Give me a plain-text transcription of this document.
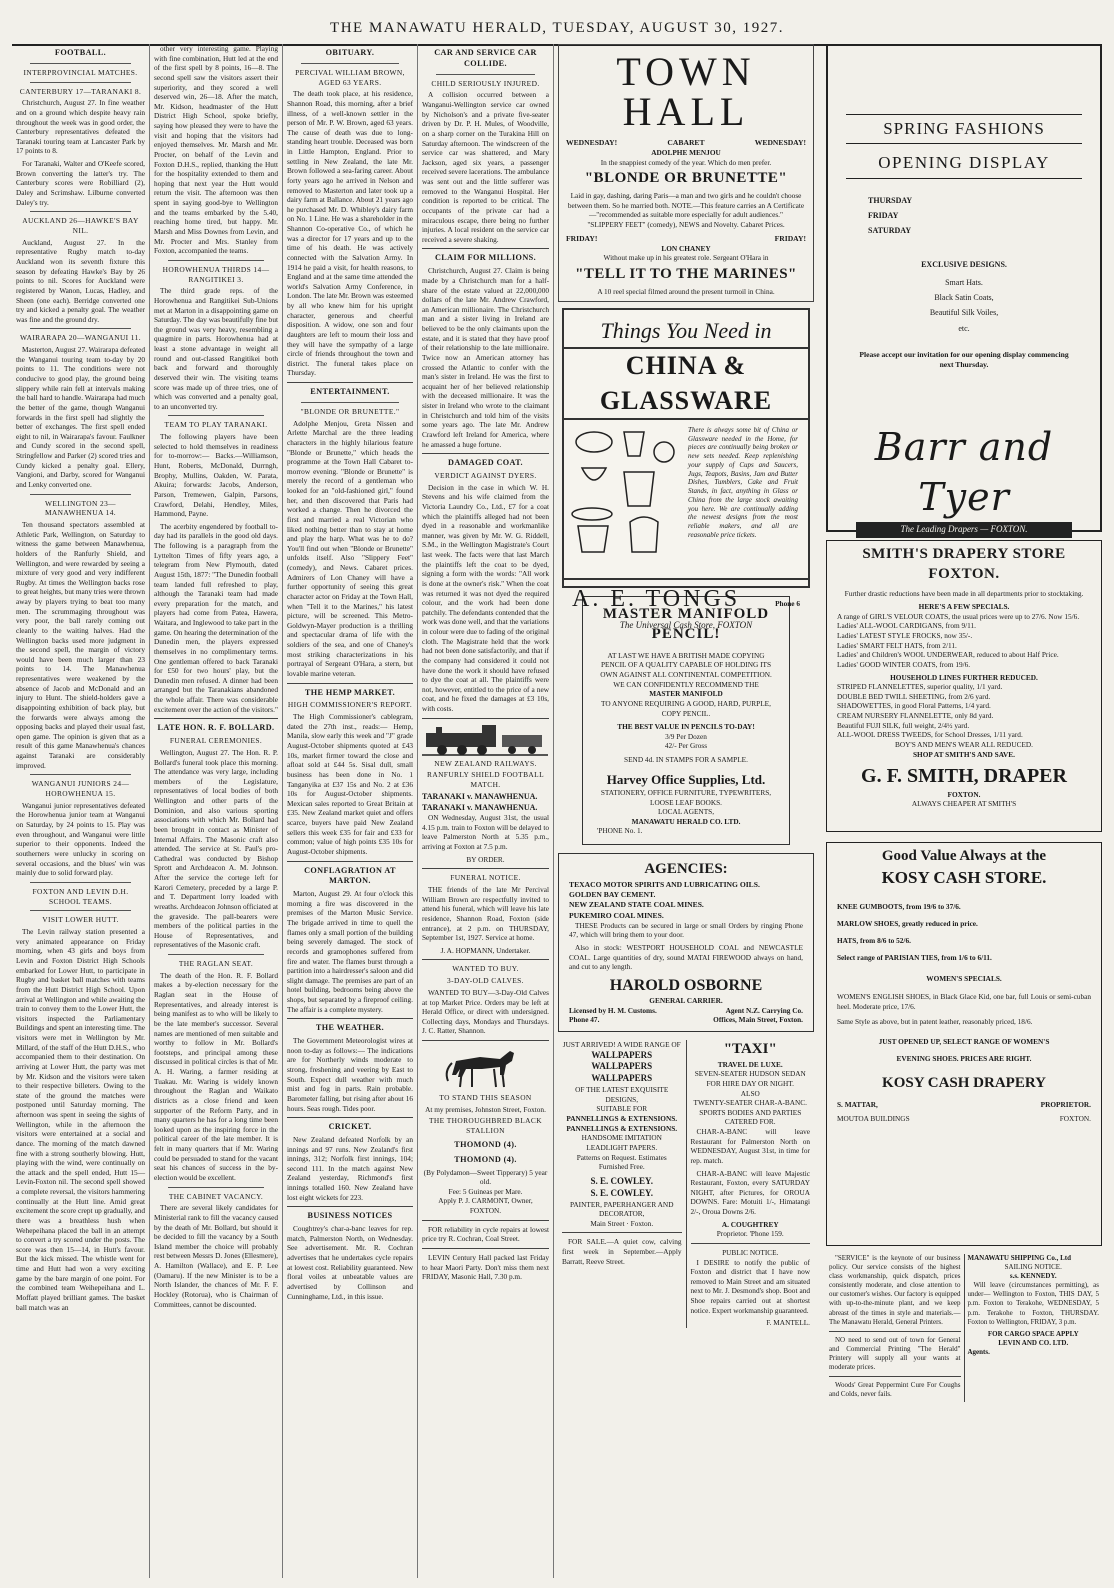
THE MANAWATU HERALD, TUESDAY, AUGUST 30, 1927.
FOOTBALL.
INTERPROVINCIAL MATCHES.
CANTERBURY 17—TARANAKI 8.

Christchurch, August 27. In fine weather and on a ground which despite heavy rain throughout the week was in good order, the Canterbury representatives defeated the Taranaki touring team at Lancaster Park by 17 points to 8.

For Taranaki, Walter and O'Keefe scored, Brown converting the latter's try. The Canterbury scores were Robilliard (2), Daley and Scrimshaw. Lilburne converted Daley's try.

AUCKLAND 26—HAWKE'S BAY NIL.

Auckland, August 27. In the representative Rugby match to-day Auckland won its seventh fixture this season by defeating Hawke's Bay by 26 points to nil. Scores for Auckland were registered by Wanon, Lucas, Hadley, and Sheen (one each). Berridge converted one try and kicked a penalty goal. The weather was fine and the ground dry.

WAIRARAPA 20—WANGANUI 11.

Masterton, August 27. Wairarapa defeated the Wanganui touring team to-day by 20 points to 11. The conditions were not conducive to good play, the ground being slippery while rain fell at intervals making the ball hard to handle. Wairarapa had much the better of the game, though Wanganui forwards in the first spell had slightly the better of exchanges. The first spell ended eight to nil, in Wairarapa's favour. Faulkner and Cundy scored in the second spell, Stringfellow and Parker (2) scored tries and Cundy kicked a penalty goal. Ellery, Vangioni, and Darby, scored for Wanganui and Lenky converted one.

WELLINGTON 23—MANAWHENUA 14.

Ten thousand spectators assembled at Athletic Park, Wellington, on Saturday to witness the game between Manawhenua, holders of the Ranfurly Shield, and Wellington, and were rewarded by seeing a mixture of very good and very indifferent Rugby. At times the Wellington backs rose to great heights, but many tries were thrown away by players trying to beat too many men. The scrummaging throughout was very poor, the ball rarely coming out cleanly to the waiting halves. Had the Wellington backs used more judgment in the second spell, the margin of victory would have been much larger than 23 points to 14. The Manawhenua representatives were weakened by the absence of Jacob and McDonald and an injury to Hunt. The shield-holders gave a disappointing exhibition of back play, but the forwards were always among the opposing backs and played their usual fast, open game. The opinion is given that as a result of this game Manawhenua's chances against Taranaki are considerably improved.

WANGANUI JUNIORS 24—HOROWHENUA 15.

Wanganui junior representatives defeated the Horowhenua junior team at Wanganui on Saturday, by 24 points to 15. Play was even throughout, and Wanganui were little superior to their opponents. Indeed the southerners were unlucky in scoring on several occasions, and the blues' win was mainly due to solid forward play.

FOXTON AND LEVIN D.H. SCHOOL TEAMS.
VISIT LOWER HUTT.

The Levin railway station presented a very animated appearance on Friday morning, when 43 girls and boys from Levin and Foxton District High Schools embarked for Lower Hutt, to participate in Rugby and basket ball matches with teams from the Hutt District High School. Upon arrival at Wellington and while awaiting the train to convey them to the Lower Hutt, the visitors inspected the Parliamentary Buildings and spent an interesting time. The visitors were met in Wellington by Mr. Millard, of the staff of the Hutt D.H.S., who accompanied them to their destination. On arriving at Lower Hutt, the party was met by Mr. Kidson and the visitors were taken to their respective billeters. Owing to the state of the ground the matches were postponed until Saturday morning. The afternoon was spent in seeing the sights of Wellington, while in the afternoon the visitors were entertained at a social and dance. The morning of the match dawned fine with a strong southerly blowing. Hutt, playing with the wind, were continually on the attack and the spell ended, Hutt 15—Levin-Foxton nil. The second spell showed a complete reversal, the visitors hammering continually at the Hutt line. Amid great excitement the score crept up gradually, and there was a breathless hush when Wehepeihana placed the ball in an attempt to convert a try scored under the posts. The score was then 15—14, in Hutt's favour. But the kick missed. The whistle went for time and Hutt had won a very exciting game by the bare margin of one point. For the combined team Weihepeihana and L. Moffatt played brilliant games. The basket ball match was an

other very interesting game. Playing with fine combination, Hutt led at the end of the first spell by 8 points, 16—8. The second spell saw the visitors assert their superiority, and they scored a well deserved win, 26—18. After the match, Mr. Kidson, headmaster of the Hutt District High School, spoke briefly, saying how pleased they were to have the visit and hoping that the visitors had enjoyed themselves. Mr. Marsh and Mr. Procter, on behalf of the Levin and Foxton D.H.S., replied, thanking the Hutt for the hospitality extended to them and hoping that next year the Hutt would return the visit. The afternoon was then spent in saying good-bye to Wellington and the teams embarked by the 5.40, reaching home tired, but happy. Mr. Marsh and Miss Downes from Levin, and Mr. Procter and Mrs. Stanley from Foxton, accompanied the teams.

HOROWHENUA THIRDS 14—RANGITIKEI 3.

The third grade reps. of the Horowhenua and Rangitikei Sub-Unions met at Marton in a disappointing game on Saturday. The day was beautifully fine but the ground was very heavy, resembling a quagmire in parts. Horowhenua had at least a stone advantage in weight all round and out-classed Rangitikei both back and forward and thoroughly deserved their win. The visiting teams score was made up of three tries, one of which was converted and a penalty goal, to an unconverted try.

TEAM TO PLAY TARANAKI.

The following players have been selected to hold themselves in readiness for to-morrow:— Backs.—Williamson, Hunt, Roberts, McDonald, Durrngh, Brophy, Mullins, Oakden, W. Parata, Akuira; forwards: Jacobs, Anderson, Parson, Tremewen, Galpin, Parsons, Crawford, Delahi, Hendley, Miles, Hammond, Payne.

The acerbity engendered by football to-day had its parallels in the good old days. The following is a paragraph from the Lyttelton Times of fifty years ago, a telegram from New Plymouth, dated August 15th, 1877: "The Dunedin football team landed full refreshed to play, although the Taranaki team had made every preparation for the match, and players had come from Patea, Hawera, Waitara, and Inglewood to take part in the game. On hearing the determination of the Dunedin men, the players expressed themselves in no complimentary terms. One gentleman offered to back Taranaki for £50 for two hours' play, but the Dunedin men refused. A dinner had been arranged but the Taranakians abandoned the whole affair. There was considerable excitement over the action of the visitors."

LATE HON. R. F. BOLLARD.
FUNERAL CEREMONIES.

Wellington, August 27. The Hon. R. P. Bollard's funeral took place this morning. The attendance was very large, including members of the Legislature, representatives of local bodies of both Wellington and other parts of the Dominion, and also various sporting associations with which Mr. Bollard had been brought in contact as Minister of Internal Affairs. The Masonic craft also attended. The service at St. Paul's pro-Cathedral was conducted by Bishop Sprott and Archdeacon A. M. Johnson. After the service the cortege left for Karori Cemetery, preceded by a large P. and T. Department lorry loaded with wreaths. Archdeacon Johnson officiated at the graveside. The pall-bearers were members of the political parties in the House of Representatives, and representatives of the Masonic craft.

THE RAGLAN SEAT.

The death of the Hon. R. F. Bollard makes a by-election necessary for the Raglan seat in the House of Representatives, and already interest is being manifest as to who will be likely to be the late member's successor. Several names are mentioned of men suitable and worthy to follow in Mr. Bollard's footsteps, and principal among these discussed in political circles is that of Mr. A. H. Waring, a farmer residing at Tuakau. Mr. Waring is widely known throughout the Raglan and Waikato districts as a close friend and keen supporter of the Reform Party, and in many quarters he has for a long time been looked upon as the inspiring force in the political career of the late member. It is felt in many quarters that if Mr. Waring could be persuaded to stand for the vacant seat his chances of success in the by-election would be excellent.

THE CABINET VACANCY.

There are several likely candidates for Ministerial rank to fill the vacancy caused by the death of Mr. Bollard, but should it be decided to fill the vacancy by a South Island member the choice will probably rest between Messrs D. Jones (Ellesmere), A. Hamilton (Wallace), and E. P. Lee (Oamaru). If the new Minister is to be a North Islander, the chances of Mr. F. F. Hockley (Rotorua), who is Chairman of Committees, cannot be discounted.

OBITUARY.
PERCIVAL WILLIAM BROWN, AGED 63 YEARS.

The death took place, at his residence, Shannon Road, this morning, after a brief illness, of a well-known settler in the person of Mr. P. W. Brown, aged 63 years. The cause of death was due to long-standing heart trouble. Deceased was born in Little Hampton, England. Prior to settling in New Zealand, the late Mr. Brown followed a sea-faring career. About forty years ago he arrived in Nelson and removed to Masterton and later took up a dairy farm at Ballance. About 21 years ago he purchased Mr. D. Whibley's dairy farm on No. 1 Line. He was a shareholder in the Shannon Co-operative Co., of which he was a director for 17 years and up to the time of his death. He was actively connected with the Salvation Army. In 1914 he paid a visit, for health reasons, to England and at the same time attended the world's Salvation Army Conference, in London. The late Mr. Brown was esteemed by all who knew him for his upright character, generous and cheerful disposition. A widow, one son and four daughters are left to mourn their loss and they will have the sympathy of a large circle of friends throughout the town and district. The funeral takes place on Thursday.

ENTERTAINMENT.
"BLONDE OR BRUNETTE."

Adolphe Menjou, Greta Nissen and Arlette Marchal are the three leading characters in the highly hilarious feature "Blonde or Brunette," which heads the programme at the Town Hall Cabaret to-morrow evening. "Blonde or Brunette" is merely the record of a gentleman who looked for an "old-fashioned girl," found her, and then discovered that Paris had worked a change. Then he divorced the first and married a real Victorian who liked nothing better than to stay at home and play the harp. What was he to do? You'll find out when "Blonde or Brunette" unfolds itself. Also "Slippery Feet" (comedy), and News. Cabaret prices. Admirers of Lon Chaney will have a further opportunity of seeing this great character actor on Friday at the Town Hall, when "Tell it to the Marines," his latest picture, will be screened. This Metro-Goldwyn-Mayer production is a thrilling and spectacular drama of life with the soldiers of the sea, and one of Chaney's most striking characterizations in his portrayal of Sergeant O'Hara, a stern, but lovable marine veteran.

THE HEMP MARKET.
HIGH COMMISSIONER'S REPORT.

The High Commissioner's cablegram, dated the 27th inst., reads:— Hemp, Manila, slow early this week and "J" grade August-October shipments quoted at £43 10s, market firmer toward the close and afloat sold at £44 5s. Sisal dull, small business has been done in No. 1 Tanganyika at £37 15s and No. 2 at £36 10s for August-October shipments. Mexican sales reported to Great Britain at £35. New Zealand market quiet and offers scarce, buyers have paid New Zealand sellers this week £35 for fair and £33 for common; value of high points £35 10s for August-October shipments.

CONFLAGRATION AT MARTON.

Marton, August 29. At four o'clock this morning a fire was discovered in the premises of the Marton Music Service. The brigade arrived in time to quell the flames only a small portion of the building being severely damaged. The stock of records and gramophones suffered from fire and water. The flames burst through a partition into a hairdresser's saloon and did slight damage. The premises are part of an hotel building, bedrooms being above the shops, but separated by a fireproof ceiling. The affair is a complete mystery.

THE WEATHER.

The Government Meteorologist wires at noon to-day as follows:— The indications are for Northerly winds moderate to strong, freshening and veering by East to South. Expect dull weather with much mist and fog in parts. Rain probable. Barometer falling, but rising after about 16 hours. Seas rough. Tides poor.

CRICKET.

New Zealand defeated Norfolk by an innings and 97 runs. New Zealand's first innings, 312; Norfolk first innings, 104; second 111. In the match against New Zealand yesterday, Richmond's first innings totalled 160. New Zealand have lost eight wickets for 223.

BUSINESS NOTICES

Coughtrey's char-a-banc leaves for rep. match, Palmerston North, on Wednesday. See advertisement. Mr. R. Cochran advertises that he undertakes cycle repairs at lowest cost. Reliability guaranteed. New floral voiles at unbeatable values are advertised by Collinson and Cunninghame, Ltd., in this issue.

CAR AND SERVICE CAR COLLIDE.
CHILD SERIOUSLY INJURED.

A collision occurred between a Wanganui-Wellington service car owned by Nicholson's and a private five-seater driven by Dr. P. H. Mules, of Woodville, on a sharp corner on the Turakina Hill on Saturday afternoon. The windscreen of the service car was shattered, and Mary Jackson, aged six years, a passenger received severe lacerations. The ambulance was sent out and the little sufferer was removed to the Wanganui Hospital. Her condition is reported to be critical. The occupants of the private car had a miraculous escape, there being no further injuries. A local resident on the service car received a severe shaking.

CLAIM FOR MILLIONS.

Christchurch, August 27. Claim is being made by a Christchurch man for a half-share of the estate valued at 22,000,000 dollars of the late Mr. Andrew Crawford, an American millionaire. The Christchurch man and a sister living in Ireland are believed to be the only claimants upon the estate, and it is stated that they have proof of their relationship to the late millionaire. Twice now an American attorney has crossed the Atlantic to confer with the man's sister in Ireland. He was the first to acquaint her of her believed relationship with the deceased millionaire. It was the sister in Ireland who wrote to the claimant in Christchurch and told him of the visits some years ago. The late Mr. Andrew Crawford left Ireland for America, where he amassed a huge fortune.

DAMAGED COAT.
VERDICT AGAINST DYERS.

Decision in the case in which W. H. Stevens and his wife claimed from the Victoria Laundry Co., Ltd., £7 for a coat which the plaintiffs alleged had not been dyed in a reasonable and workmanlike manner, was given by Mr. W. G. Riddell, S.M., in the Wellington Magistrate's Court last week. The facts were that last March the plaintiffs left the coat to be dyed, signing a form with the words: "All work is done at the owner's risk." When the coat was returned it was not dyed the required colour, and the work had been done patchily. The defendants contended that the work was done well, and that the variations in colour were due to fading of the original cloth. The Magistrate held that the work had not been done satisfactorily, and that if the company had considered it could not have done the work it should have refused to dye the coat at all. The plaintiffs were not, however, entitled to the price of a new coat, and he fixed the damages at £3 10s, with costs.

NEW ZEALAND RAILWAYS.
RANFURLY SHIELD FOOTBALL MATCH.
TARANAKI v. MANAWHENUA.
TARANAKI v. MANAWHENUA.

ON Wednesday, August 31st, the usual 4.15 p.m. train to Foxton will be delayed to leave Palmerston North at 5.35 p.m., arriving at Foxton at 7.5 p.m.

BY ORDER.
FUNERAL NOTICE.

THE friends of the late Mr Percival William Brown are respectfully invited to attend his funeral, which will leave his late residence, Shannon Road, Foxton (side entrance), at 2 p.m. on THURSDAY, September 1st, 1927. Service at home.

J. A. HOPMANN, Undertaker.
WANTED TO BUY.
3-DAY-OLD CALVES.

WANTED TO BUY—3-Day-Old Calves at top Market Price. Orders may be left at Herald Office, or direct with undersigned. Collecting days, Mondays and Thursdays. J. C. Ratter, Shannon.

TO STAND THIS SEASON
At my premises, Johnston Street, Foxton.
THE THOROUGHBRED BLACK STALLION
THOMOND (4).
THOMOND (4).
(By Polydamon—Sweet Tipperary) 5 year old.
Fee: 5 Guineas per Mare.
Apply P. J. CARMONT, Owner, FOXTON.

FOR reliability in cycle repairs at lowest price try R. Cochran, Coal Street.

LEVIN Century Hall packed last Friday to hear Maori Party. Don't miss them next FRIDAY, Masonic Hall, 7.30 p.m.

TOWN HALL
WEDNESDAY!	CABARET	WEDNESDAY!
ADOLPHE MENJOU
In the snappiest comedy of the year. Which do men prefer.
"BLONDE OR BRUNETTE"
Laid in gay, dashing, daring Paris—a man and two girls and he couldn't choose between them. So he married both. NOTE.—This feature carries an A Certificate—"recommended as suitable more especially for adult audiences."
"SLIPPERY FEET" (comedy), NEWS and Novelty. Cabaret Prices.
FRIDAY!	FRIDAY!
LON CHANEY
Without make up in his greatest role. Sergeant O'Hara in
"TELL IT TO THE MARINES"
A 10 reel special filmed around the present turmoil in China.
Things You Need in
CHINA & GLASSWARE
There is always some bit of China or Glassware needed in the Home, for pieces are continually being broken or new sets needed. Keep replenishing your supply of Cups and Saucers, Jugs, Teapots, Basins, Jam and Butter Dishes, Tumblers, Cake and Fruit Stands, in fact, anything in Glass or China from the large stock awaiting you here. We are continually adding the newest designs from the most reliable makers, and all are reasonable price tickets.
A. E. TONGS	Phone 6
The Universal Cash Store, FOXTON
MASTER MANIFOLD
PENCIL!
AT LAST WE HAVE A BRITISH MADE COPYING PENCIL OF A QUALITY CAPABLE OF HOLDING ITS OWN AGAINST ALL CONTINENTAL COMPETITION. WE CAN CONFIDENTLY RECOMMEND THE
MASTER MANIFOLD
TO ANYONE REQUIRING A GOOD, HARD, PURPLE, COPY PENCIL.
THE BEST VALUE IN PENCILS TO-DAY!
3/9 Per Dozen
42/- Per Gross
SEND 4d. IN STAMPS FOR A SAMPLE.
Harvey Office Supplies, Ltd.
STATIONERY, OFFICE FURNITURE, TYPEWRITERS, LOOSE LEAF BOOKS.
LOCAL AGENTS,
MANAWATU HERALD CO. LTD.
'PHONE No. 1.
AGENCIES:
TEXACO MOTOR SPIRITS AND LUBRICATING OILS.
GOLDEN BAY CEMENT.
NEW ZEALAND STATE COAL MINES.
PUKEMIRO COAL MINES.

THESE Products can be secured in large or small Orders by ringing Phone 47, which will bring them to your door.

Also in stock: WESTPORT HOUSEHOLD COAL and NEWCASTLE COAL. Large quantities of dry, sound MATAI FIREWOOD always on hand, and cut to any length.

HAROLD OSBORNE
GENERAL CARRIER.
Licensed by H. M. Customs.	Agent N.Z. Carrying Co.
Phone 47.	Offices, Main Street, Foxton.
JUST ARRIVED! A WIDE RANGE OF
WALLPAPERS
WALLPAPERS
WALLPAPERS
OF THE LATEST EXQUISITE DESIGNS,
SUITABLE FOR
PANNELLINGS & EXTENSIONS.
PANNELLINGS & EXTENSIONS.
HANDSOME IMITATION LEADLIGHT PAPERS.
Patterns on Request. Estimates Furnished Free.
S. E. COWLEY.
S. E. COWLEY.
PAINTER, PAPERHANGER AND DECORATOR,
Main Street · Foxton.

FOR SALE.—A quiet cow, calving first week in September.—Apply Barratt, Reeve Street.

"TAXI"
TRAVEL DE LUXE.
SEVEN-SEATER HUDSON SEDAN FOR HIRE DAY OR NIGHT.
ALSO
TWENTY-SEATER CHAR-A-BANC.
SPORTS BODIES AND PARTIES CATERED FOR.

CHAR-A-BANC will leave Restaurant for Palmerston North on WEDNESDAY, August 31st, in time for rep. match.

CHAR-A-BANC will leave Majestic Restaurant, Foxton, every SATURDAY NIGHT, after Pictures, for OROUA DOWNS. Fare: Motuiti 1/-, Himatangi 2/-, Oroua Downs 2/6.

A. COUGHTREY
Proprietor. 'Phone 159.
PUBLIC NOTICE.

I DESIRE to notify the public of Foxton and district that I have now removed to Main Street and am situated next to Mr. J. Desmond's shop. Boot and Shoe repairs carried out at shortest notice. Expert workmanship guaranteed.

F. MANTELL.
SPRING FASHIONS
OPENING DISPLAY
THURSDAY
FRIDAY
SATURDAY
EXCLUSIVE DESIGNS.
Smart Hats.
Black Satin Coats,
Beautiful Silk Voiles,
etc.
Please accept our invitation for our opening display commencing next Thursday.
Barr and Tyer
The Leading Drapers — FOXTON.
SMITH'S DRAPERY STORE
FOXTON.
Further drastic reductions have been made in all departments prior to stocktaking.
HERE'S A FEW SPECIALS.
A range of GIRL'S VELOUR COATS, the usual prices were up to 27/6. Now 15/6.
Ladies' ALL-WOOL CARDIGANS, from 9/11.
Ladies' LATEST STYLE FROCKS, now 35/-.
Ladies' SMART FELT HATS, from 2/11.
Ladies' and Children's WOOL UNDERWEAR, reduced to about Half Price.
Ladies' GOOD WINTER COATS, from 19/6.
HOUSEHOLD LINES FURTHER REDUCED.
STRIPED FLANNELETTES, superior quality, 1/1 yard.
DOUBLE BED TWILL SHEETING, from 2/6 yard.
SHADOWETTES, in good Floral Patterns, 1/4 yard.
CREAM NURSERY FLANNELETTE, only 8d yard.
Beautiful FUJI SILK, full weight, 2/4½ yard.
ALL-WOOL DRESS TWEEDS, for School Dresses, 1/11 yard.
BOY'S AND MEN'S WEAR ALL REDUCED.
SHOP AT SMITH'S AND SAVE.
G. F. SMITH, DRAPER
FOXTON.
ALWAYS CHEAPER AT SMITH'S
Good Value Always at the
KOSY CASH STORE.
KNEE GUMBOOTS, from 19/6 to 37/6.
MARLOW SHOES, greatly reduced in price.
HATS, from 8/6 to 52/6.
Select range of PARISIAN TIES, from 1/6 to 6/11.
WOMEN'S SPECIALS.
WOMEN'S ENGLISH SHOES, in Black Glace Kid, one bar, full Louis or semi-cuban heel. Moderate price, 17/6.
Same Style as above, but in patent leather, reasonably priced, 18/6.
JUST OPENED UP, SELECT RANGE OF WOMEN'S
EVENING SHOES. PRICES ARE RIGHT.
KOSY CASH DRAPERY
S. MATTAR,	PROPRIETOR.
MOUTOA BUILDINGS	FOXTON.

"SERVICE" is the keynote of our business policy. Our service consists of the highest class workmanship, quick dispatch, prices consistently moderate, and close attention to our customer's wishes. Our factory is equipped with up-to-the-minute plant, and we keep abreast of the times in style and materials.—The Manawatu Herald, General Printers.

NO need to send out of town for General and Commercial Printing "The Herald" Printery will supply all your wants at moderate prices.

Woods' Great Peppermint Cure For Coughs and Colds, never fails.

MANAWATU SHIPPING Co., Ltd
SAILING NOTICE.
s.s. KENNEDY.

Will leave (circumstances permitting), as under— Wellington to Foxton, THIS DAY, 5 p.m. Foxton to Terakohe, WEDNESDAY, 5 p.m. Terakohe to Foxton, THURSDAY. Foxton to Wellington, FRIDAY, 3 p.m.

FOR CARGO SPACE APPLY
LEVIN AND CO. LTD.
Agents.
